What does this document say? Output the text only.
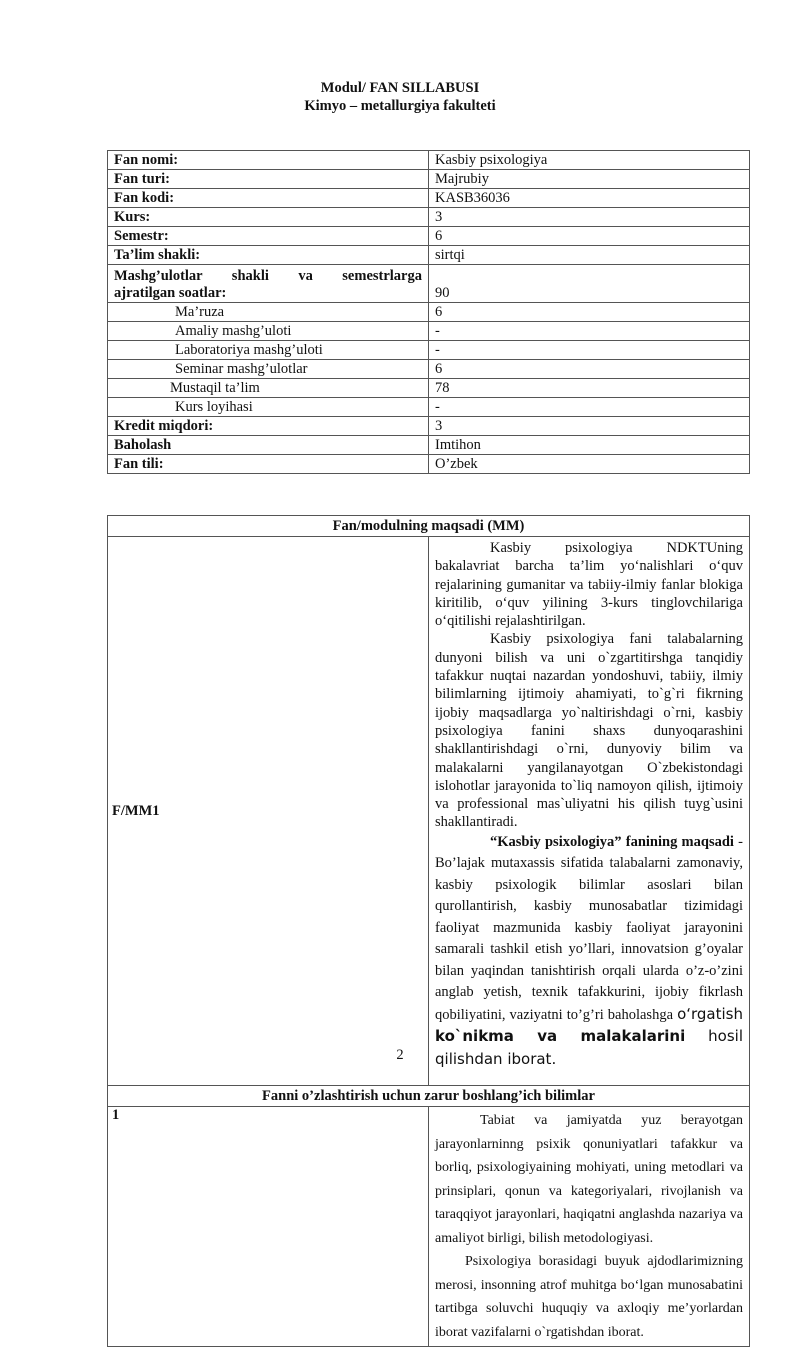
Modul/ FAN SILLABUSI
Kimyo – metallurgiya fakulteti
Fan nomi:	Kasbiy psixologiya
Fan turi:	Majrubiy
Fan kodi:	KASB36036
Kurs:	3
Semestr:	6
Ta’lim shakli:	sirtqi

Mashg’ulotlar shakli va semestrlarga
ajratilgan soatlar:	90
Ma’ruza	6
Amaliy mashg’uloti	-
Laboratoriya mashg’uloti	-
Seminar mashg’ulotlar	6
Mustaqil ta’lim	78
Kurs loyihasi	-
Kredit miqdori:	3
Baholash	Imtihon
Fan tili:	O’zbek
Fan/modulning maqsadi (MM)	
F/MM1	Kasbiy psixologiya NDKTUning bakalavriat barcha ta’lim yo‘nalishlari o‘quv rejalarining gumanitar va tabiiy-ilmiy fanlar blokiga kiritilib, o‘quv yilining 3-kurs tinglovchilariga o‘qitilishi rejalashtirilgan.

Kasbiy psixologiya fani talabalarning dunyoni bilish va uni o`zgartitirshga tanqidiy tafakkur nuqtai nazardan yondoshuvi, tabiiy, ilmiy bilimlarning ijtimoiy ahamiyati, to`g`ri fikrning ijobiy maqsadlarga yo`naltirishdagi o`rni, kasbiy psixologiya fanini shaxs dunyoqarashini shakllantirishdagi o`rni, dunyoviy bilim va malakalarni yangilanayotgan O`zbekistondagi islohotlar jarayonida to`liq namoyon qilish, ijtimoiy va professional mas`uliyatni his qilish tuyg`usini shakllantiradi.

“Kasbiy psixologiya” fanining maqsadi - Bo’lajak mutaxassis sifatida talabalarni zamonaviy, kasbiy psixologik bilimlar asoslari bilan qurollantirish, kasbiy munosabatlar tizimidagi faoliyat mazmunida kasbiy faoliyat jarayonini samarali tashkil etish yo’llari, innovatsion g’oyalar bilan yaqindan tanishtirish orqali ularda o’z-o’zini anglab yetish, texnik tafakkurini, ijobiy fikrlash qobiliyatini, vaziyatni to’g’ri baholashga o‘rgatish ko`nikma va malakalarini hosil qilishdan iborat.

Fanni o’zlashtirish uchun zarur boshlang’ich bilimlar	
1	Tabiat va jamiyatda yuz berayotgan jarayonlarninng psixik qonuniyatlari tafakkur va borliq, psixologiyaining mohiyati, uning metodlari va prinsiplari, qonun va kategoriyalari, rivojlanish va taraqqiyot jarayonlari, haqiqatni anglashda nazariya va amaliyot birligi, bilish metodologiyasi.

Psixologiya borasidagi buyuk ajdodlarimizning merosi, insonning atrof muhitga bo‘lgan munosabatini tartibga soluvchi huquqiy va axloqiy me’yorlardan iborat vazifalarni o`rgatishdan iborat.

2
